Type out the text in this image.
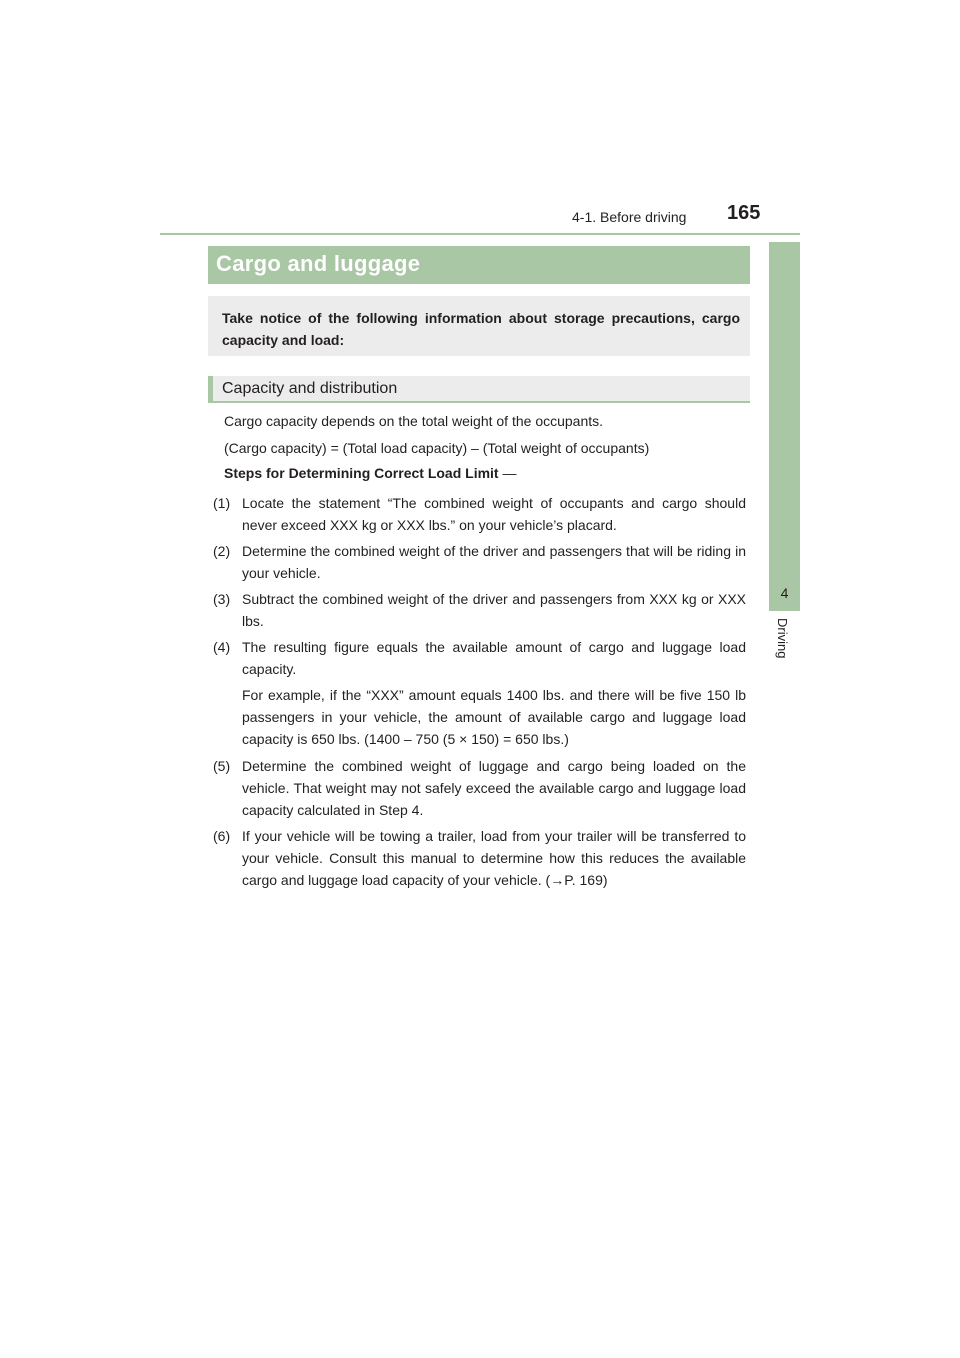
4-1. Before driving 165
4
Driving
Cargo and luggage
Take notice of the following information about storage precautions, cargo capacity and load:
Capacity and distribution
Cargo capacity depends on the total weight of the occupants.
(Cargo capacity) = (Total load capacity) – (Total weight of occupants)
Steps for Determining Correct Load Limit —
(1) Locate the statement “The combined weight of occupants and cargo should never exceed XXX kg or XXX lbs.” on your vehicle’s placard.
(2) Determine the combined weight of the driver and passengers that will be riding in your vehicle.
(3) Subtract the combined weight of the driver and passengers from XXX kg or XXX lbs.
(4) The resulting figure equals the available amount of cargo and luggage load capacity.
For example, if the “XXX” amount equals 1400 lbs. and there will be five 150 lb passengers in your vehicle, the amount of available cargo and luggage load capacity is 650 lbs. (1400 – 750 (5 × 150) = 650 lbs.)
(5) Determine the combined weight of luggage and cargo being loaded on the vehicle. That weight may not safely exceed the available cargo and luggage load capacity calculated in Step 4.
(6) If your vehicle will be towing a trailer, load from your trailer will be transferred to your vehicle. Consult this manual to determine how this reduces the available cargo and luggage load capacity of your vehicle. (→P. 169)
